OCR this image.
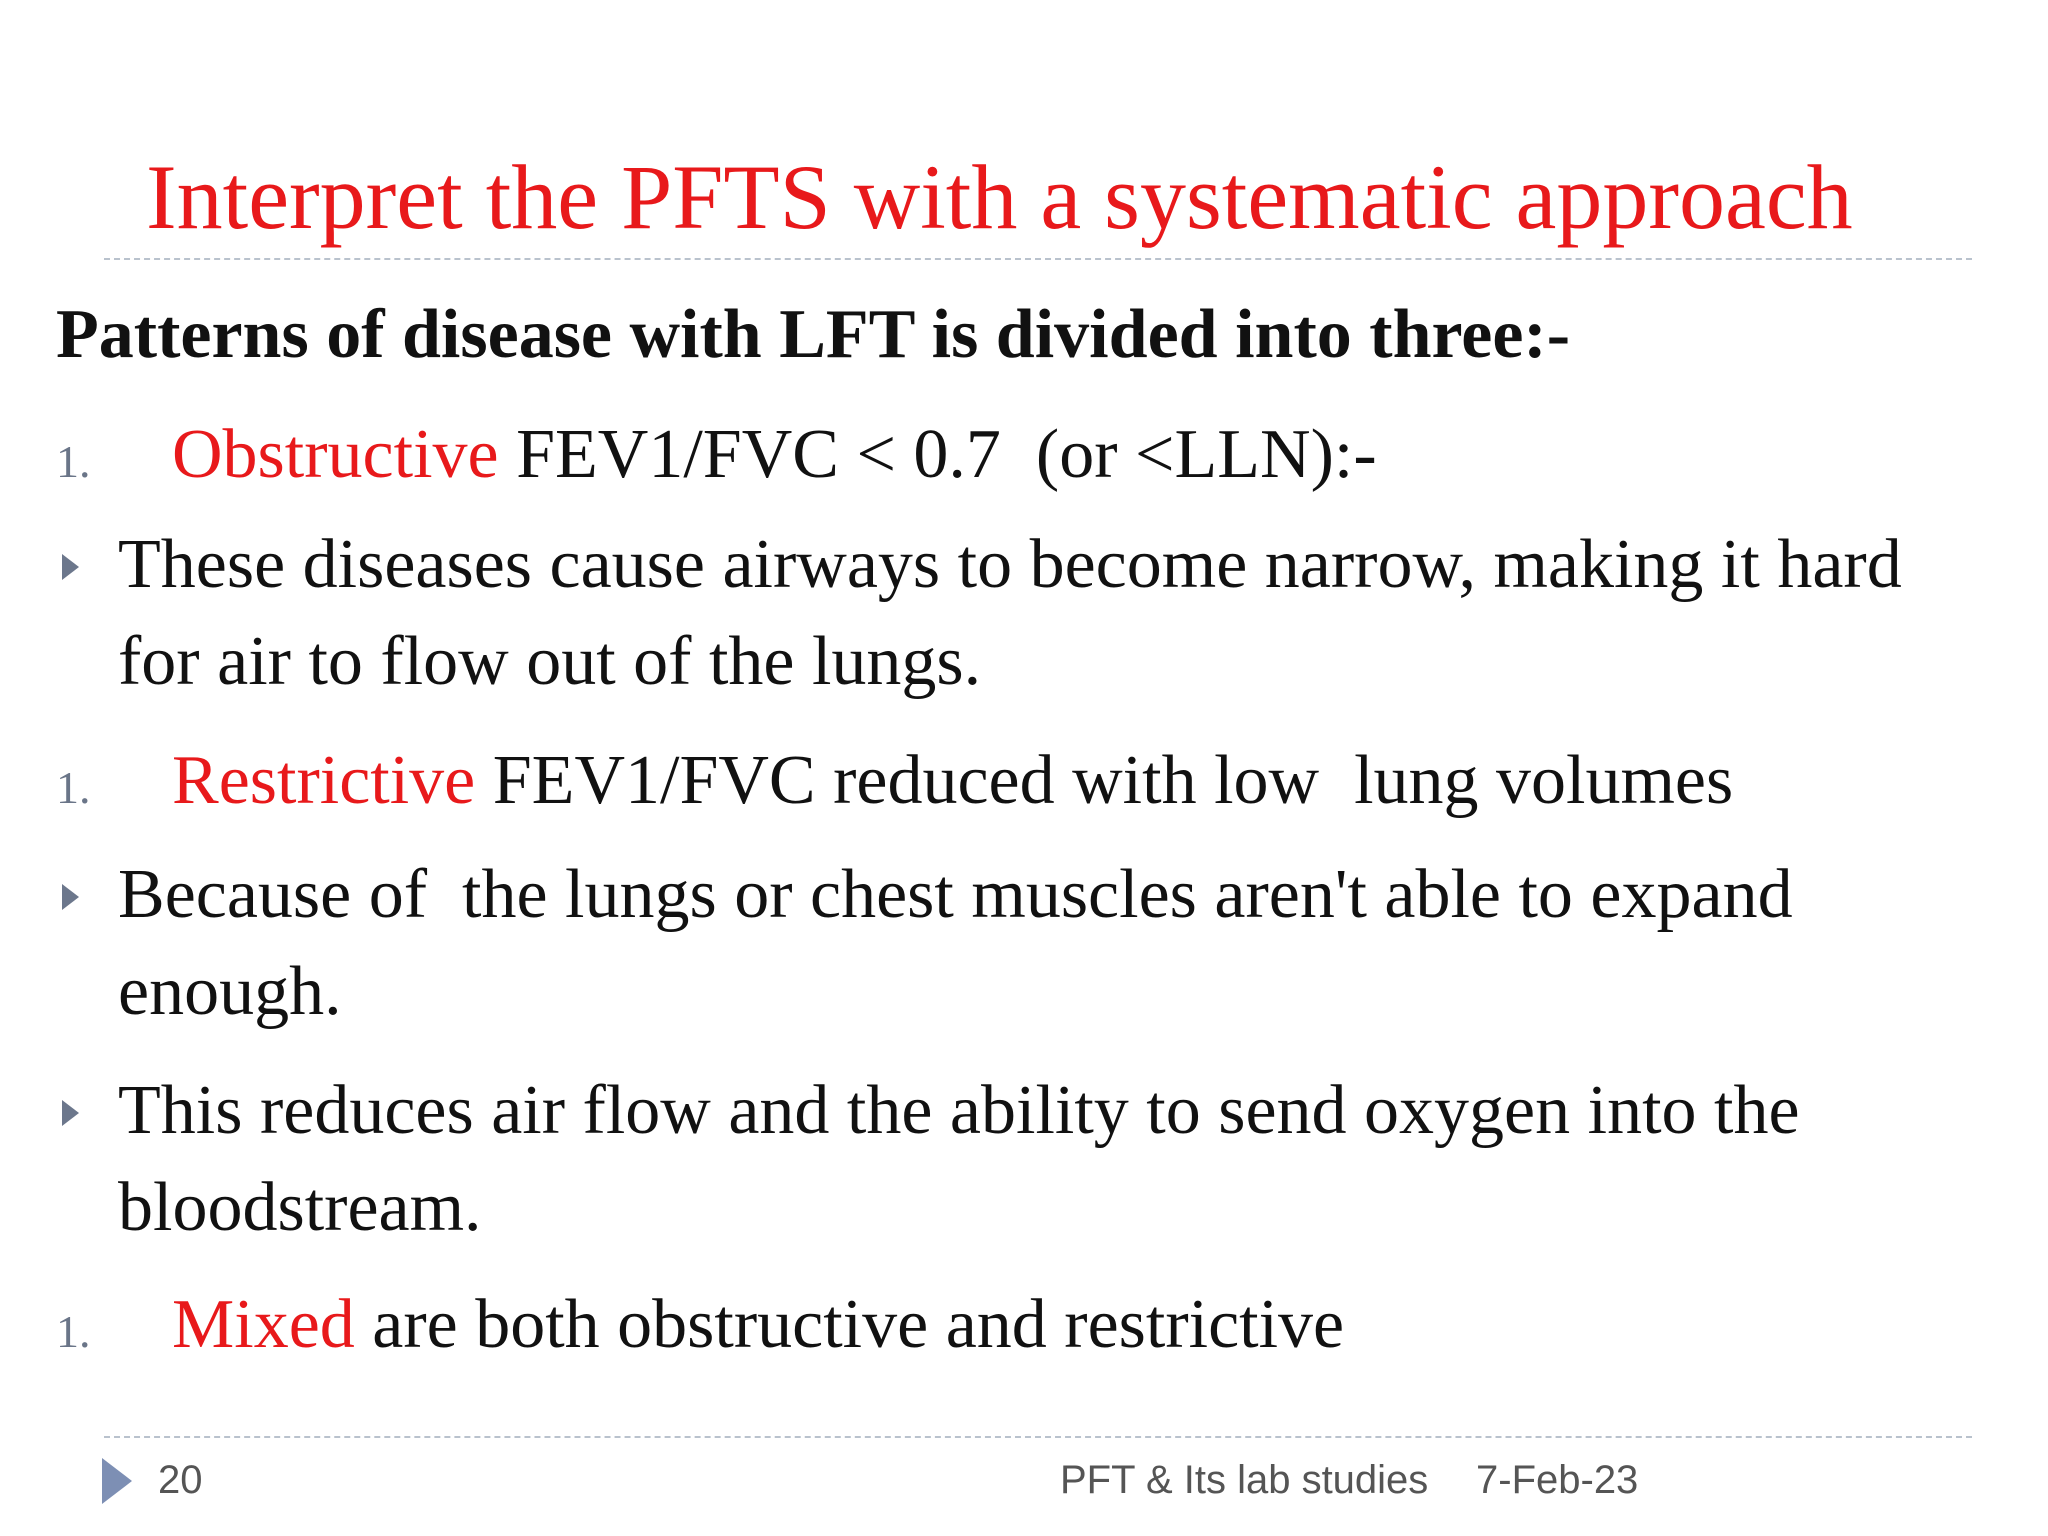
Interpret the PFTS with a systematic approach
Patterns of disease with LFT is divided into three:-
1. Obstructive FEV1/FVC < 0.7  (or <LLN):-
These diseases cause airways to become narrow, making it hard for air to flow out of the lungs.
1. Restrictive FEV1/FVC reduced with low  lung volumes
Because of  the lungs or chest muscles aren't able to expand enough.
This reduces air flow and the ability to send oxygen into the bloodstream.
1. Mixed are both obstructive and restrictive
20	PFT & Its lab studies 7-Feb-23
